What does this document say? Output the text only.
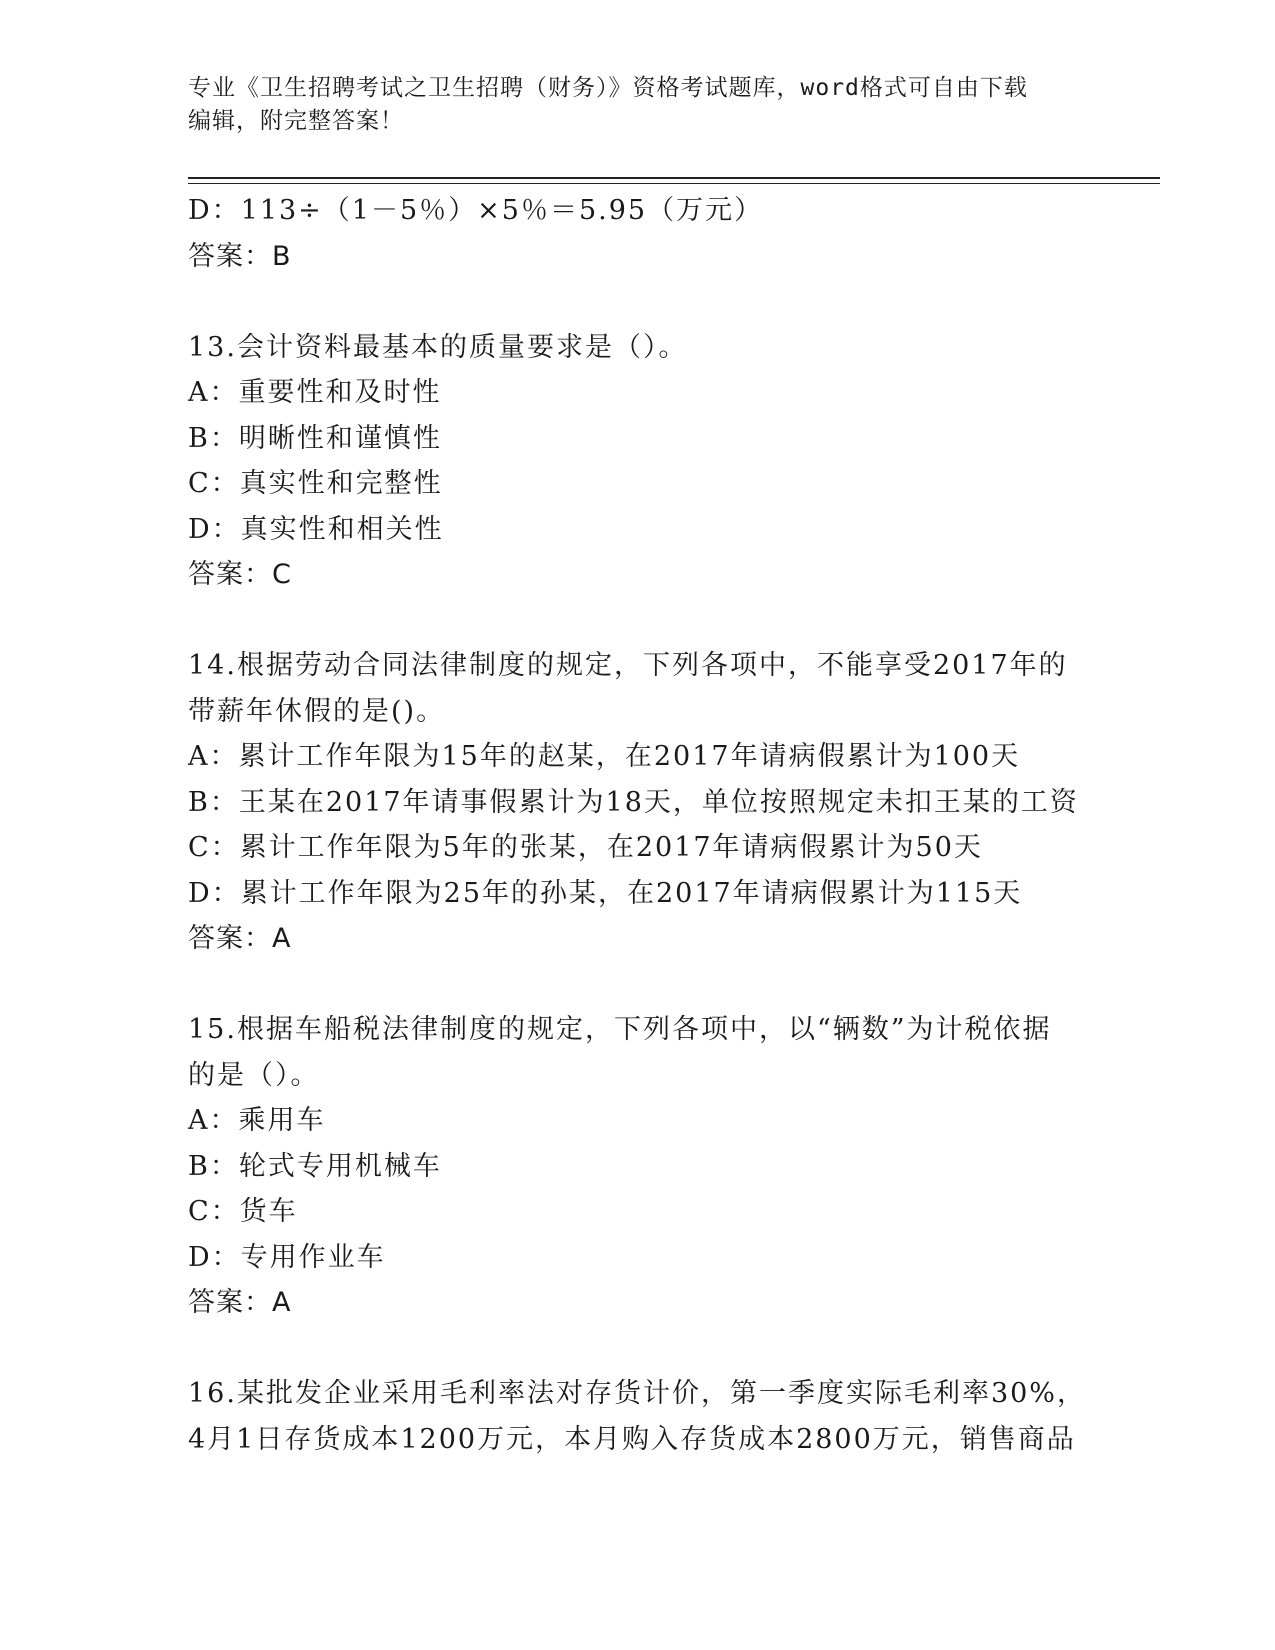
专业《卫生招聘考试之卫生招聘（财务）》资格考试题库，word格式可自由下载
编辑，附完整答案！
D：113÷（1－5％）×5％＝5.95（万元）
答案：B
13.会计资料最基本的质量要求是（）。
A：重要性和及时性
B：明晰性和谨慎性
C：真实性和完整性
D：真实性和相关性
答案：C
14.根据劳动合同法律制度的规定，下列各项中，不能享受2017年的
带薪年休假的是()。
A：累计工作年限为15年的赵某，在2017年请病假累计为100天
B：王某在2017年请事假累计为18天，单位按照规定未扣王某的工资
C：累计工作年限为5年的张某，在2017年请病假累计为50天
D：累计工作年限为25年的孙某，在2017年请病假累计为115天
答案：A
15.根据车船税法律制度的规定，下列各项中，以“辆数”为计税依据
的是（）。
A：乘用车
B：轮式专用机械车
C：货车
D：专用作业车
答案：A
16.某批发企业采用毛利率法对存货计价，第一季度实际毛利率30%，
4月1日存货成本1200万元，本月购入存货成本2800万元，销售商品
